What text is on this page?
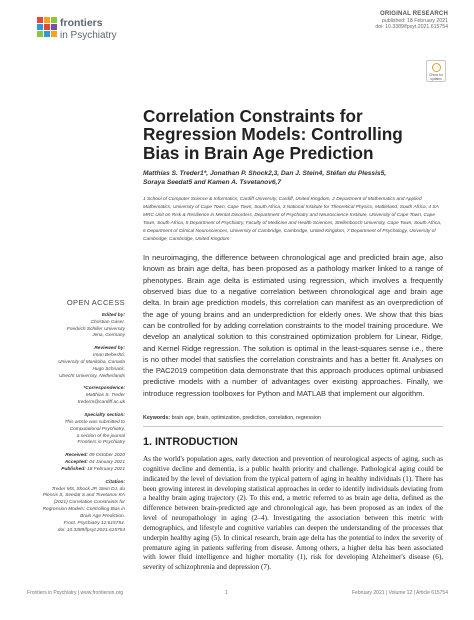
frontiers
in Psychiatry
ORIGINAL RESEARCH
published: 18 February 2021
doi: 10.3389/fpsyt.2021.615754
Check for updates
Correlation Constraints for Regression Models: Controlling Bias in Brain Age Prediction
Matthias S. Treder1*, Jonathan P. Shock2,3, Dan J. Stein4, Stéfan du Plessis5,
Soraya Seedat5 and Kamen A. Tsvetanov6,7
1 School of Computer Science & Informatics, Cardiff University, Cardiff, United Kingdom, 2 Department of Mathematics and Applied Mathematics, University of Cape Town, Cape Town, South Africa, 3 National Institute for Theoretical Physics, Mattieland, South Africa, 4 SA MRC Unit on Risk & Resilience in Mental Disorders, Department of Psychiatry and Neuroscience Institute, University of Cape Town, Cape Town, South Africa, 5 Department of Psychiatry, Faculty of Medicine and Health Sciences, Stellenbosch University, Cape Town, South Africa, 6 Department of Clinical Neurosciences, University of Cambridge, Cambridge, United Kingdom, 7 Department of Psychology, University of Cambridge, Cambridge, United Kingdom
In neuroimaging, the difference between chronological age and predicted brain age, also known as brain age delta, has been proposed as a pathology marker linked to a range of phenotypes. Brain age delta is estimated using regression, which involves a frequently observed bias due to a negative correlation between chronological age and brain age delta. In brain age prediction models, this correlation can manifest as an overprediction of the age of young brains and an underprediction for elderly ones. We show that this bias can be controlled for by adding correlation constraints to the model training procedure. We develop an analytical solution to this constrained optimization problem for Linear, Ridge, and Kernel Ridge regression. The solution is optimal in the least-squares sense i.e., there is no other model that satisfies the correlation constraints and has a better fit. Analyses on the PAC2019 competition data demonstrate that this approach produces optimal unbiased predictive models with a number of advantages over existing approaches. Finally, we introduce regression toolboxes for Python and MATLAB that implement our algorithm.
Keywords: brain age, brain, optimization, prediction, correlation, regression
OPEN ACCESS
Edited by:
Christian Gaser,
Friedrich Schiller University
Jena, Germany
Reviewed by:
Iman Beheshti,
University of Manitoba, Canada
Hugo Schnack,
Utrecht University, Netherlands
*Correspondence:
Matthias S. Treder
trederm@cardiff.ac.uk
Specialty section:
This article was submitted to
Computational Psychiatry,
a section of the journal
Frontiers in Psychiatry
Received: 09 October 2020
Accepted: 04 January 2021
Published: 18 February 2021
Citation:
Treder MS, Shock JP, Stein DJ, du
Plessis S, Seedat S and Tsvetanov KA
(2021) Correlation Constraints for
Regression Models: Controlling Bias in
Brain Age Prediction.
Front. Psychiatry 12:615754.
doi: 10.3389/fpsyt.2021.615754
1. INTRODUCTION

As the world's population ages, early detection and prevention of neurological aspects of aging, such as cognitive decline and dementia, is a public health priority and challenge. Pathological aging could be indicated by the level of deviation from the typical pattern of aging in healthy individuals (1). There has been growing interest in developing statistical approaches in order to identify individuals deviating from a healthy brain aging trajectory (2). To this end, a metric referred to as brain age delta, defined as the difference between brain-predicted age and chronological age, has been proposed as an index of the level of neuropathology in aging (2–4). Investigating the association between this metric with demographics, and lifestyle and cognitive variables can deepen the understanding of the processes that underpin healthy aging (5). In clinical research, brain age delta has the potential to index the severity of premature aging in patients suffering from disease. Among others, a higher delta has been associated with lower fluid intelligence and higher mortality (1), risk for developing Alzheimer's disease (6), severity of schizophrenia and depression (7).

Frontiers in Psychiatry | www.frontiersin.org	1	February 2021 | Volume 12 | Article 615754
